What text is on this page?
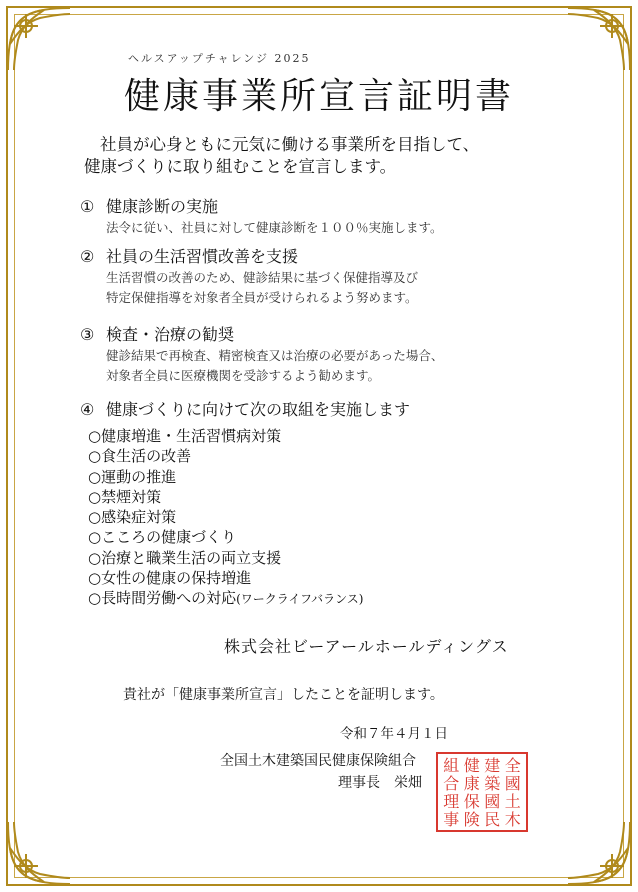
ヘルスアップチャレンジ 2025
健康事業所宣言証明書
社員が心身ともに元気に働ける事業所を目指して、
健康づくりに取り組むことを宣言します。
① 健康診断の実施
法令に従い、社員に対して健康診断を１００％実施します。
② 社員の生活習慣改善を支援
生活習慣の改善のため、健診結果に基づく保健指導及び
特定保健指導を対象者全員が受けられるよう努めます。
③ 検査・治療の勧奨
健診結果で再検査、精密検査又は治療の必要があった場合、
対象者全員に医療機関を受診するよう勧めます。
④ 健康づくりに向けて次の取組を実施します
○健康増進・生活習慣病対策
○食生活の改善
○運動の推進
○禁煙対策
○感染症対策
○こころの健康づくり
○治療と職業生活の両立支援
○女性の健康の保持増進
○長時間労働への対応(ワークライフバランス)
株式会社ビーアールホールディングス
貴社が「健康事業所宣言」したことを証明します。
令和７年４月１日
全国土木建築国民健康保険組合
理事長　栄畑
組 健 建 全
合 康 築 國
理 保 國 土
事 険 民 木
